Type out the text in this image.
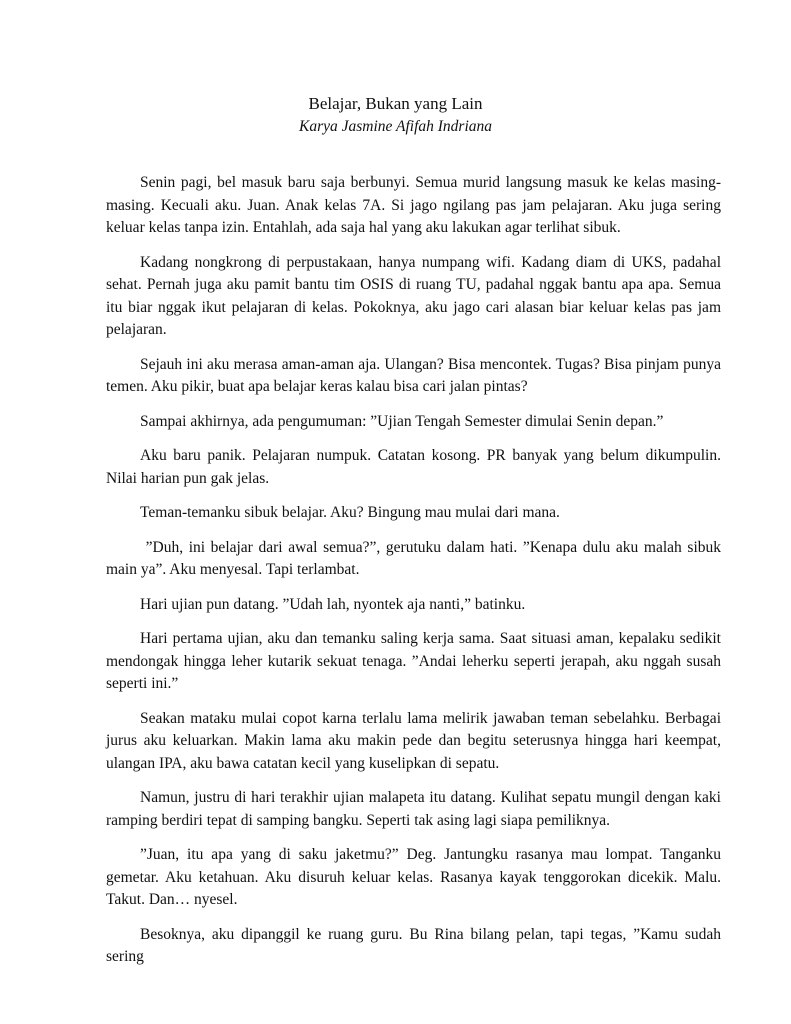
Belajar, Bukan yang Lain
Karya Jasmine Afifah Indriana

Senin pagi, bel masuk baru saja berbunyi. Semua murid langsung masuk ke kelas masing-masing. Kecuali aku. Juan. Anak kelas 7A. Si jago ngilang pas jam pelajaran. Aku juga sering keluar kelas tanpa izin. Entahlah, ada saja hal yang aku lakukan agar terlihat sibuk.

Kadang nongkrong di perpustakaan, hanya numpang wifi. Kadang diam di UKS, padahal sehat. Pernah juga aku pamit bantu tim OSIS di ruang TU, padahal nggak bantu apa apa. Semua itu biar nggak ikut pelajaran di kelas. Pokoknya, aku jago cari alasan biar keluar kelas pas jam pelajaran.

Sejauh ini aku merasa aman-aman aja. Ulangan? Bisa mencontek. Tugas? Bisa pinjam punya temen. Aku pikir, buat apa belajar keras kalau bisa cari jalan pintas?

Sampai akhirnya, ada pengumuman: ”Ujian Tengah Semester dimulai Senin depan.”

Aku baru panik. Pelajaran numpuk. Catatan kosong. PR banyak yang belum dikumpulin. Nilai harian pun gak jelas.

Teman-temanku sibuk belajar. Aku? Bingung mau mulai dari mana.

”Duh, ini belajar dari awal semua?”, gerutuku dalam hati. ”Kenapa dulu aku malah sibuk main ya”. Aku menyesal. Tapi terlambat.

Hari ujian pun datang. ”Udah lah, nyontek aja nanti,” batinku.

Hari pertama ujian, aku dan temanku saling kerja sama. Saat situasi aman, kepalaku sedikit mendongak hingga leher kutarik sekuat tenaga. ”Andai leherku seperti jerapah, aku nggah susah seperti ini.”

Seakan mataku mulai copot karna terlalu lama melirik jawaban teman sebelahku. Berbagai jurus aku keluarkan. Makin lama aku makin pede dan begitu seterusnya hingga hari keempat, ulangan IPA, aku bawa catatan kecil yang kuselipkan di sepatu.

Namun, justru di hari terakhir ujian malapeta itu datang. Kulihat sepatu mungil dengan kaki ramping berdiri tepat di samping bangku. Seperti tak asing lagi siapa pemiliknya.

”Juan, itu apa yang di saku jaketmu?” Deg. Jantungku rasanya mau lompat. Tanganku gemetar. Aku ketahuan. Aku disuruh keluar kelas. Rasanya kayak tenggorokan dicekik. Malu. Takut. Dan… nyesel.

Besoknya, aku dipanggil ke ruang guru. Bu Rina bilang pelan, tapi tegas, ”Kamu sudah sering
